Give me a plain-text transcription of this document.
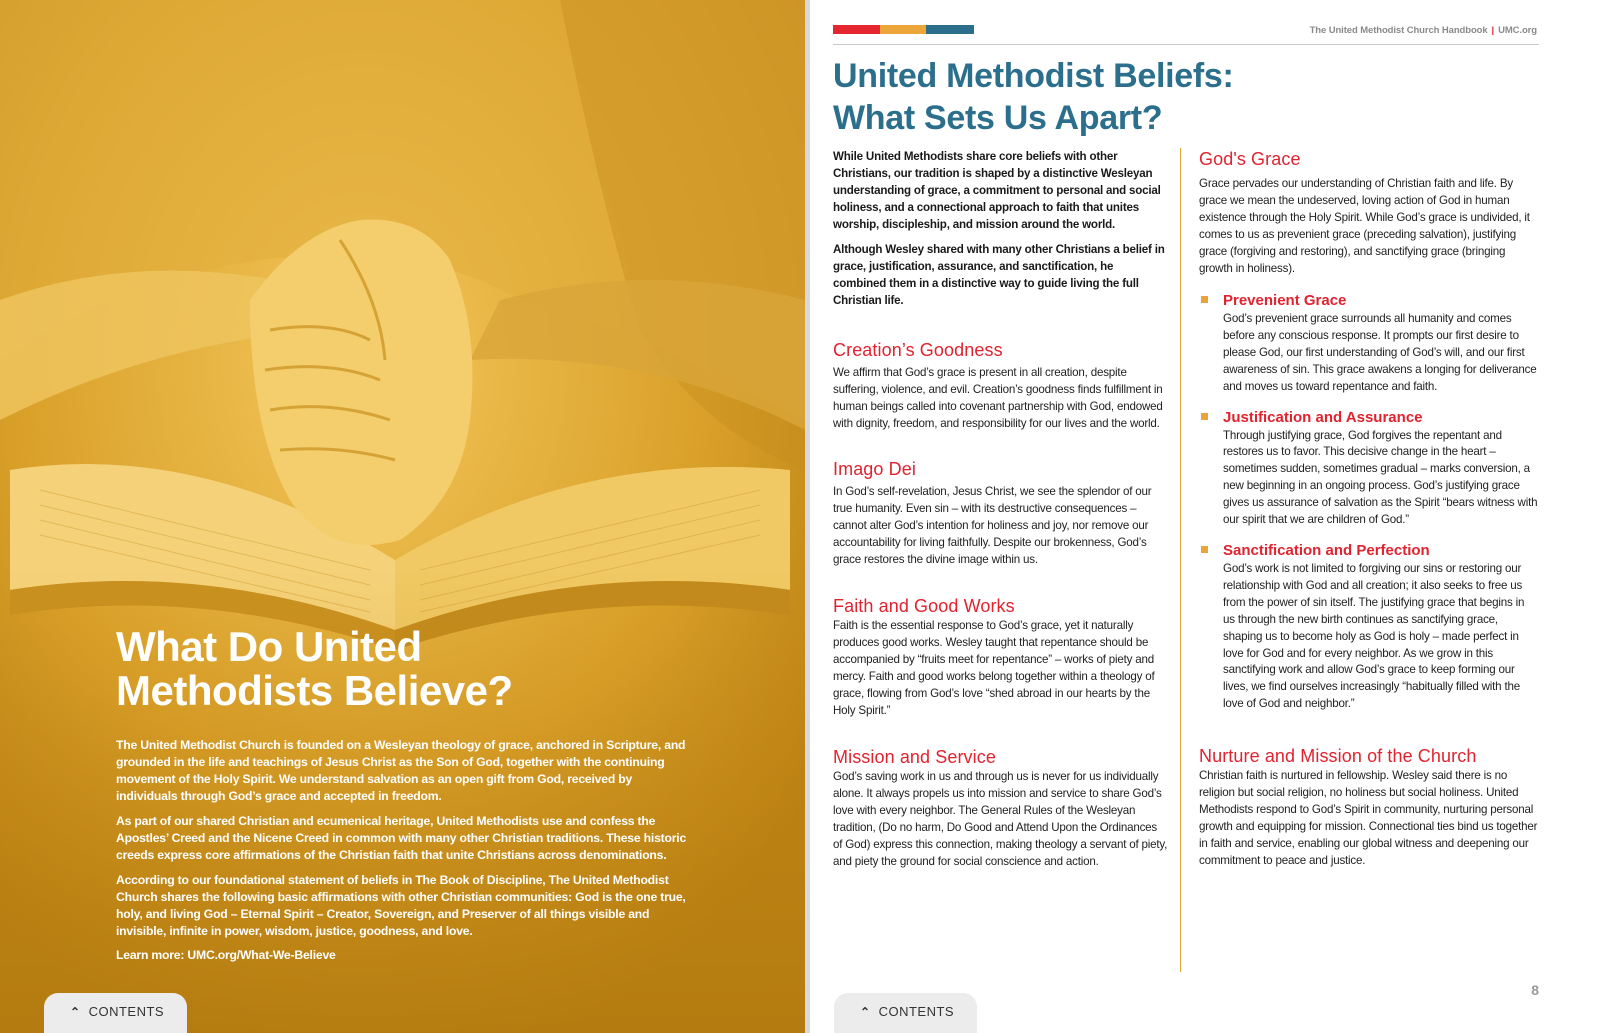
What Do United
Methodists Believe?

The United Methodist Church is founded on a Wesleyan theology of grace, anchored in Scripture, and grounded in the life and teachings of Jesus Christ as the Son of God, together with the continuing movement of the Holy Spirit. We understand salvation as an open gift from God, received by individuals through God’s grace and accepted in freedom.

As part of our shared Christian and ecumenical heritage, United Methodists use and confess the Apostles’ Creed and the Nicene Creed in common with many other Christian traditions. These historic creeds express core affirmations of the Christian faith that unite Christians across denominations.

According to our foundational statement of beliefs in The Book of Discipline, The United Methodist Church shares the following basic affirmations with other Christian communities: God is the one true, holy, and living God – Eternal Spirit – Creator, Sovereign, and Preserver of all things visible and invisible, infinite in power, wisdom, justice, goodness, and love.

Learn more: UMC.org/What-We-Believe

⌃ CONTENTS
The United Methodist Church Handbook | UMC.org
United Methodist Beliefs:
What Sets Us Apart?

While United Methodists share core beliefs with other Christians, our tradition is shaped by a distinctive Wesleyan understanding of grace, a commitment to personal and social holiness, and a connectional approach to faith that unites worship, discipleship, and mission around the world.

Although Wesley shared with many other Christians a belief in grace, justification, assurance, and sanctification, he combined them in a distinctive way to guide living the full Christian life.

Creation’s Goodness

We affirm that God’s grace is present in all creation, despite suffering, violence, and evil. Creation’s goodness finds fulfillment in human beings called into covenant partnership with God, endowed with dignity, freedom, and responsibility for our lives and the world.

Imago Dei

In God’s self-revelation, Jesus Christ, we see the splendor of our true humanity. Even sin – with its destructive consequences – cannot alter God’s intention for holiness and joy, nor remove our accountability for living faithfully. Despite our brokenness, God’s grace restores the divine image within us.

Faith and Good Works

Faith is the essential response to God’s grace, yet it naturally produces good works. Wesley taught that repentance should be accompanied by “fruits meet for repentance” – works of piety and mercy. Faith and good works belong together within a theology of grace, flowing from God’s love “shed abroad in our hearts by the Holy Spirit.”

Mission and Service

God’s saving work in us and through us is never for us individually alone. It always propels us into mission and service to share God’s love with every neighbor. The General Rules of the Wesleyan tradition, (Do no harm, Do Good and Attend Upon the Ordinances of God) express this connection, making theology a servant of piety, and piety the ground for social conscience and action.

God's Grace

Grace pervades our understanding of Christian faith and life. By grace we mean the undeserved, loving action of God in human existence through the Holy Spirit. While God’s grace is undivided, it comes to us as prevenient grace (preceding salvation), justifying grace (forgiving and restoring), and sanctifying grace (bringing growth in holiness).

Prevenient Grace

God’s prevenient grace surrounds all humanity and comes before any conscious response. It prompts our first desire to please God, our first understanding of God’s will, and our first awareness of sin. This grace awakens a longing for deliverance and moves us toward repentance and faith.

Justification and Assurance

Through justifying grace, God forgives the repentant and restores us to favor. This decisive change in the heart – sometimes sudden, sometimes gradual – marks conversion, a new beginning in an ongoing process. God’s justifying grace gives us assurance of salvation as the Spirit “bears witness with our spirit that we are children of God.”

Sanctification and Perfection

God’s work is not limited to forgiving our sins or restoring our relationship with God and all creation; it also seeks to free us from the power of sin itself. The justifying grace that begins in us through the new birth continues as sanctifying grace, shaping us to become holy as God is holy – made perfect in love for God and for every neighbor. As we grow in this sanctifying work and allow God’s grace to keep forming our lives, we find ourselves increasingly “habitually filled with the love of God and neighbor.”

Nurture and Mission of the Church

Christian faith is nurtured in fellowship. Wesley said there is no religion but social religion, no holiness but social holiness. United Methodists respond to God’s Spirit in community, nurturing personal growth and equipping for mission. Connectional ties bind us together in faith and service, enabling our global witness and deepening our commitment to peace and justice.

⌃ CONTENTS
8
